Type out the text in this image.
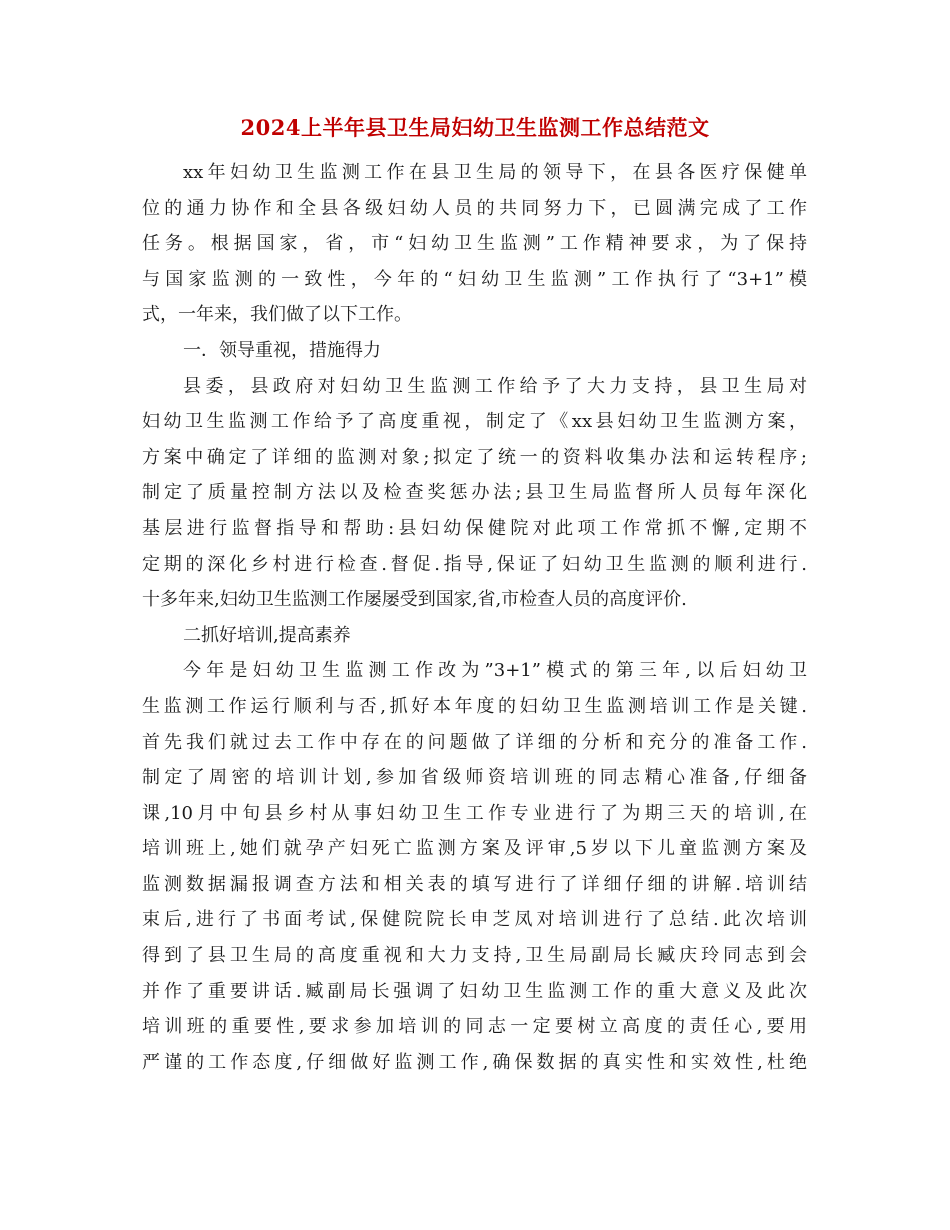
2024上半年县卫生局妇幼卫生监测工作总结范文
xx年妇幼卫生监测工作在县卫生局的领导下，在县各医疗保健单
位的通力协作和全县各级妇幼人员的共同努力下，已圆满完成了工作
任务。根据国家，省，市“妇幼卫生监测”工作精神要求，为了保持
与国家监测的一致性，今年的“妇幼卫生监测”工作执行了“3+1”模
式，一年来，我们做了以下工作。
一．领导重视，措施得力
县委，县政府对妇幼卫生监测工作给予了大力支持，县卫生局对
妇幼卫生监测工作给予了高度重视，制定了《xx县妇幼卫生监测方案，
方案中确定了详细的监测对象;拟定了统一的资料收集办法和运转程序;
制定了质量控制方法以及检查奖惩办法;县卫生局监督所人员每年深化
基层进行监督指导和帮助:县妇幼保健院对此项工作常抓不懈,定期不
定期的深化乡村进行检查.督促.指导,保证了妇幼卫生监测的顺利进行.
十多年来,妇幼卫生监测工作屡屡受到国家,省,市检查人员的高度评价.
二抓好培训,提高素养
今年是妇幼卫生监测工作改为”3+1”模式的第三年,以后妇幼卫
生监测工作运行顺利与否,抓好本年度的妇幼卫生监测培训工作是关键.
首先我们就过去工作中存在的问题做了详细的分析和充分的准备工作.
制定了周密的培训计划,参加省级师资培训班的同志精心准备,仔细备
课,10月中旬县乡村从事妇幼卫生工作专业进行了为期三天的培训,在
培训班上,她们就孕产妇死亡监测方案及评审,5岁以下儿童监测方案及
监测数据漏报调查方法和相关表的填写进行了详细仔细的讲解.培训结
束后,进行了书面考试,保健院院长申芝凤对培训进行了总结.此次培训
得到了县卫生局的高度重视和大力支持,卫生局副局长臧庆玲同志到会
并作了重要讲话.臧副局长强调了妇幼卫生监测工作的重大意义及此次
培训班的重要性,要求参加培训的同志一定要树立高度的责任心,要用
严谨的工作态度,仔细做好监测工作,确保数据的真实性和实效性,杜绝
